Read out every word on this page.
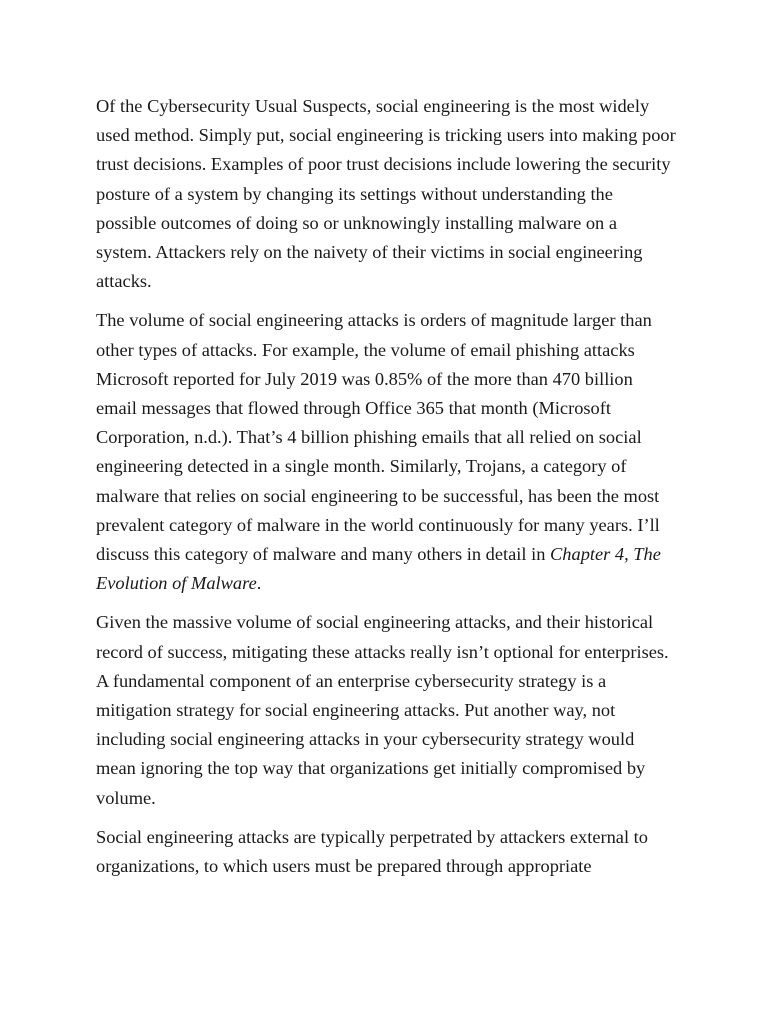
Of the Cybersecurity Usual Suspects, social engineering is the most widely used method. Simply put, social engineering is tricking users into making poor trust decisions. Examples of poor trust decisions include lowering the security posture of a system by changing its settings without understanding the possible outcomes of doing so or unknowingly installing malware on a system. Attackers rely on the naivety of their victims in social engineering attacks.

The volume of social engineering attacks is orders of magnitude larger than other types of attacks. For example, the volume of email phishing attacks Microsoft reported for July 2019 was 0.85% of the more than 470 billion email messages that flowed through Office 365 that month (Microsoft Corporation, n.d.). That’s 4 billion phishing emails that all relied on social engineering detected in a single month. Similarly, Trojans, a category of malware that relies on social engineering to be successful, has been the most prevalent category of malware in the world continuously for many years. I’ll discuss this category of malware and many others in detail in Chapter 4, The Evolution of Malware.

Given the massive volume of social engineering attacks, and their historical record of success, mitigating these attacks really isn’t optional for enterprises. A fundamental component of an enterprise cybersecurity strategy is a mitigation strategy for social engineering attacks. Put another way, not including social engineering attacks in your cybersecurity strategy would mean ignoring the top way that organizations get initially compromised by volume.

Social engineering attacks are typically perpetrated by attackers external to organizations, to which users must be prepared through appropriate
